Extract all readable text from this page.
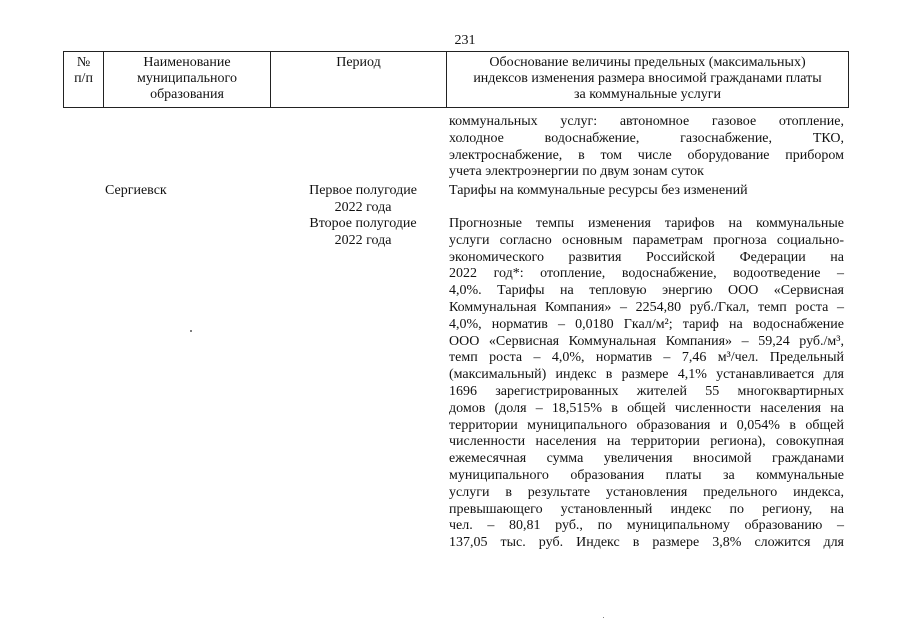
231
№
п/п
Наименование
муниципального
образования
Период	Обоснование величины предельных (максимальных)
индексов изменения размера вносимой гражданами платы
за коммунальные услуги
коммунальных услуг: автономное газовое отопление,
холодное водоснабжение, газоснабжение, ТКО,
электроснабжение, в том числе оборудование прибором
учета электроэнергии по двум зонам суток
Сергиевск	Первое полугодие
2022 года
Второе полугодие
2022 года
Тарифы на коммунальные ресурсы без изменений
Прогнозные темпы изменения тарифов на коммунальные
услуги согласно основным параметрам прогноза социально-
экономического развития Российской Федерации на
2022 год*: отопление, водоснабжение, водоотведение –
4,0%. Тарифы на тепловую энергию ООО «Сервисная
Коммунальная Компания» – 2254,80 руб./Гкал, темп роста –
4,0%, норматив – 0,0180 Гкал/м²; тариф на водоснабжение
ООО «Сервисная Коммунальная Компания» – 59,24 руб./м³,
темп роста – 4,0%, норматив – 7,46 м³/чел. Предельный
(максимальный) индекс в размере 4,1% устанавливается для
1696 зарегистрированных жителей 55 многоквартирных
домов (доля – 18,515% в общей численности населения на
территории муниципального образования и 0,054% в общей
численности населения на территории региона), совокупная
ежемесячная сумма увеличения вносимой гражданами
муниципального образования платы за коммунальные
услуги в результате установления предельного индекса,
превышающего установленный индекс по региону, на
чел. – 80,81 руб., по муниципальному образованию –
137,05 тыс. руб. Индекс в размере 3,8% сложится для
